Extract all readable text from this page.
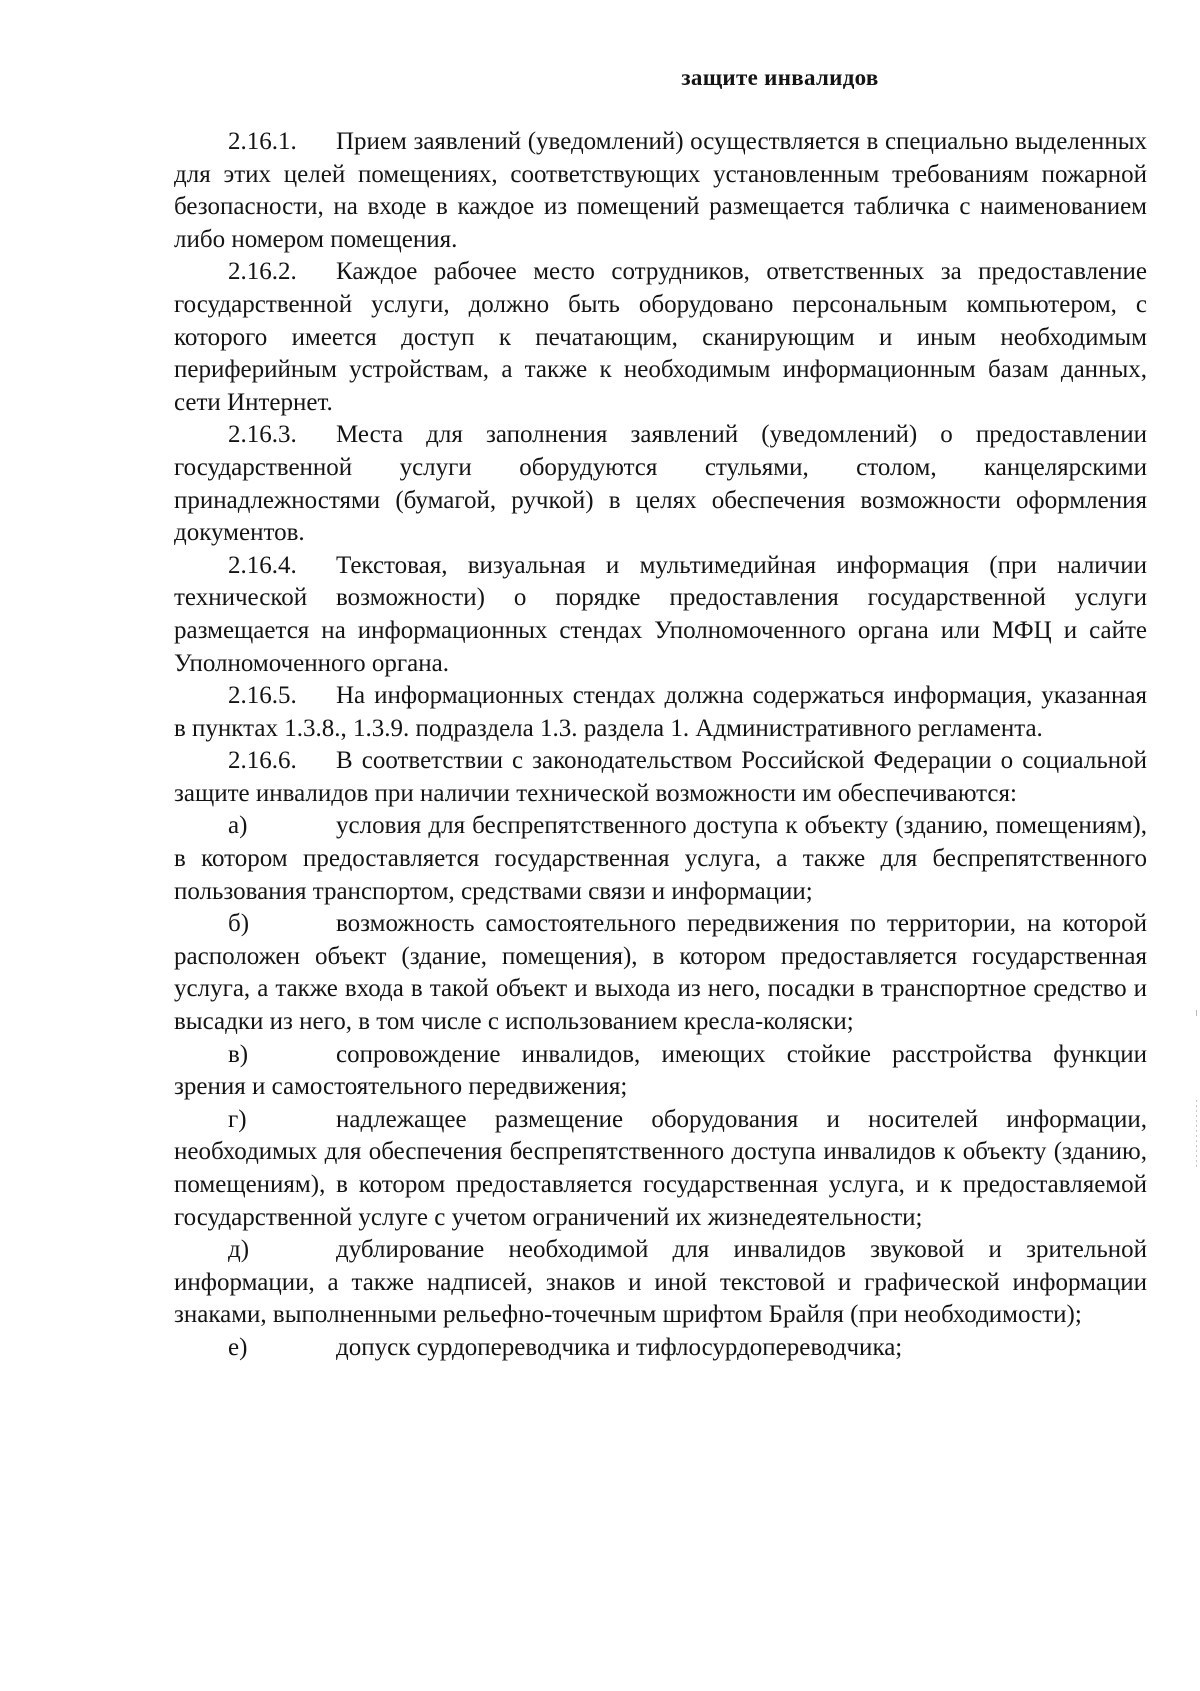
защите инвалидов

2.16.1. Прием заявлений (уведомлений) осуществляется в специально выделенных для этих целей помещениях, соответствующих установленным требованиям пожарной безопасности, на входе в каждое из помещений размещается табличка с наименованием либо номером помещения.

2.16.2. Каждое рабочее место сотрудников, ответственных за предоставление государственной услуги, должно быть оборудовано персональным компьютером, с которого имеется доступ к печатающим, сканирующим и иным необходимым периферийным устройствам, а также к необходимым информационным базам данных, сети Интернет.

2.16.3. Места для заполнения заявлений (уведомлений) о предоставлении государственной услуги оборудуются стульями, столом, канцелярскими принадлежностями (бумагой, ручкой) в целях обеспечения возможности оформления документов.

2.16.4. Текстовая, визуальная и мультимедийная информация (при наличии технической возможности) о порядке предоставления государственной услуги размещается на информационных стендах Уполномоченного органа или МФЦ и сайте Уполномоченного органа.

2.16.5. На информационных стендах должна содержаться информация, указанная в пунктах 1.3.8., 1.3.9. подраздела 1.3. раздела 1. Административного регламента.

2.16.6. В соответствии с законодательством Российской Федерации о социальной защите инвалидов при наличии технической возможности им обеспечиваются:

а)	условия для беспрепятственного доступа к объекту (зданию, помещениям), в котором предоставляется государственная услуга, а также для беспрепятственного пользования транспортом, средствами связи и информации;

б)	возможность самостоятельного передвижения по территории, на которой расположен объект (здание, помещения), в котором предоставляется государственная услуга, а также входа в такой объект и выхода из него, посадки в транспортное средство и высадки из него, в том числе с использованием кресла-коляски;

в)	сопровождение инвалидов, имеющих стойкие расстройства функции зрения и самостоятельного передвижения;

г)	надлежащее размещение оборудования и носителей информации, необходимых для обеспечения беспрепятственного доступа инвалидов к объекту (зданию, помещениям), в котором предоставляется государственная услуга, и к предоставляемой государственной услуге с учетом ограничений их жизнедеятельности;

д)	дублирование необходимой для инвалидов звуковой и зрительной информации, а также надписей, знаков и иной текстовой и графической информации знаками, выполненными рельефно-точечным шрифтом Брайля (при необходимости);

е)	допуск сурдопереводчика и тифлосурдопереводчика;
